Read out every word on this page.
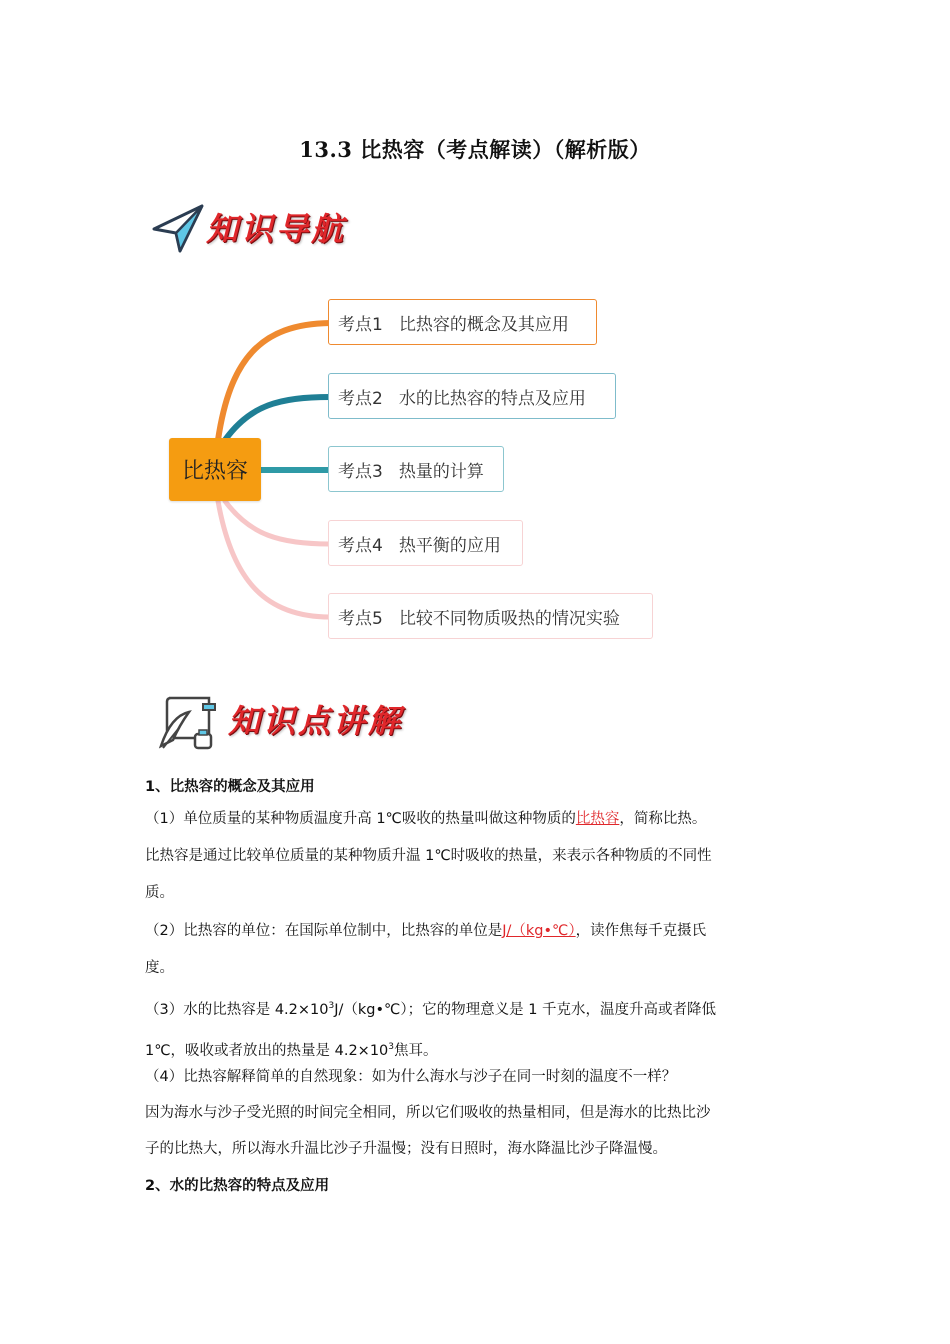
13.3 比热容（考点解读）（解析版）
知识导航
比热容
考点1 比热容的概念及其应用
考点2 水的比热容的特点及应用
考点3 热量的计算
考点4 热平衡的应用
考点5 比较不同物质吸热的情况实验
知识点讲解
1、比热容的概念及其应用
（1）单位质量的某种物质温度升高 1℃吸收的热量叫做这种物质的比热容，简称比热。
比热容是通过比较单位质量的某种物质升温 1℃时吸收的热量，来表示各种物质的不同性
质。
（2）比热容的单位：在国际单位制中，比热容的单位是J/（kg•℃），读作焦每千克摄氏
度。
（3）水的比热容是 $4.2\times 10^3J/(kg•℃)$；它的物理意义是 1 千克水，温度升高或者降低
1℃，吸收或者放出的热量是 $4.2\times 10^3$焦耳。
（4）比热容解释简单的自然现象：如为什么海水与沙子在同一时刻的温度不一样？
因为海水与沙子受光照的时间完全相同，所以它们吸收的热量相同，但是海水的比热比沙
子的比热大，所以海水升温比沙子升温慢；没有日照时，海水降温比沙子降温慢。
2、水的比热容的特点及应用
